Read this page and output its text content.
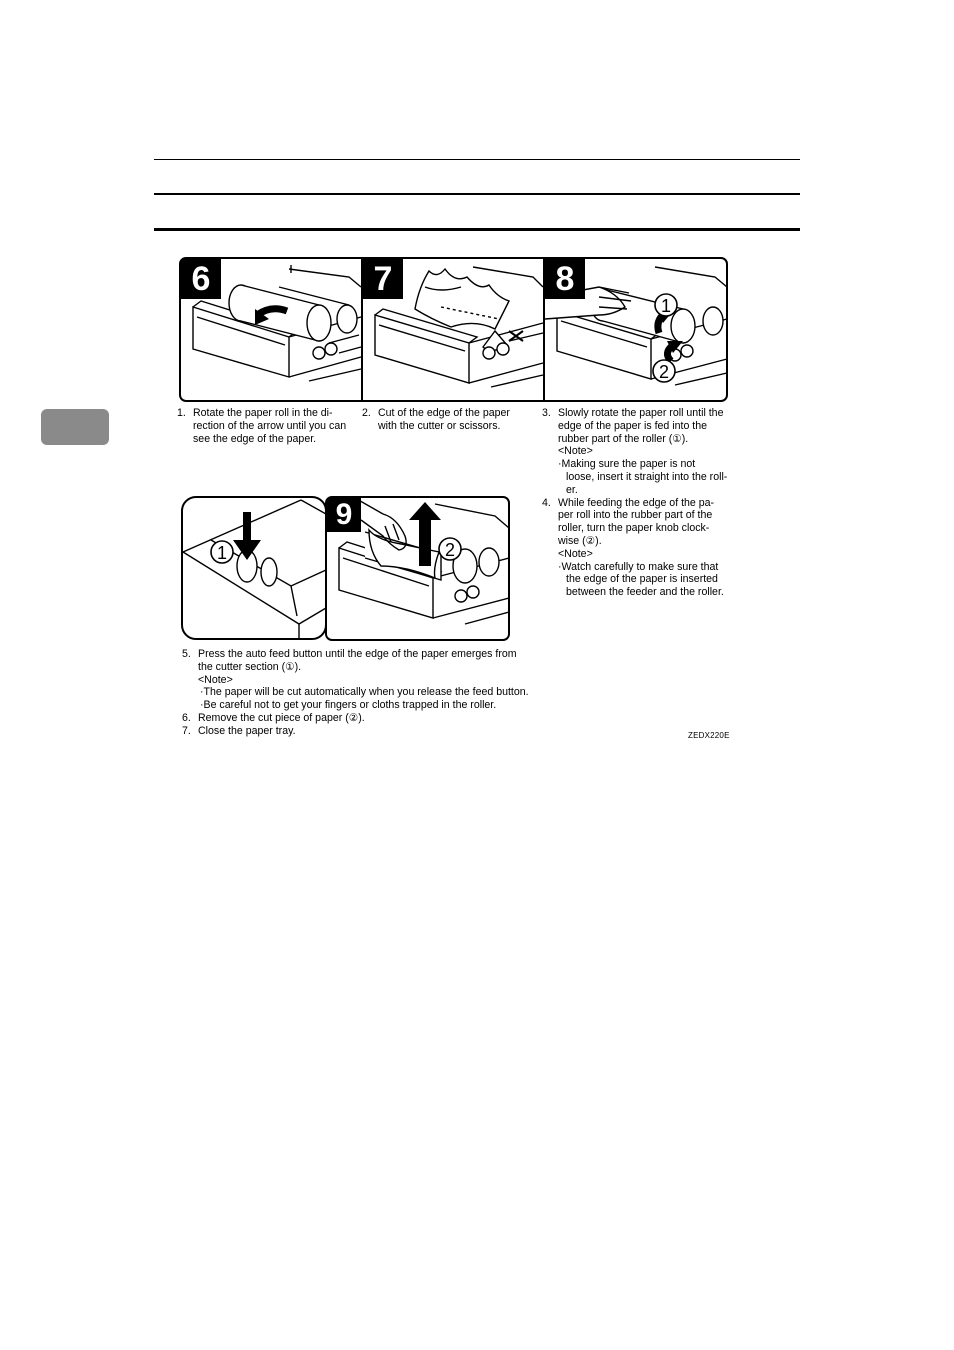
1
2
6	7	8
1. Rotate the paper roll in the di-
rection of the arrow until you can
see the edge of the paper.
2. Cut of the edge of the paper
with the cutter or scissors.
3. Slowly rotate the paper roll until the
edge of the paper is fed into the
rubber part of the roller (①).
<Note>
·Making sure the paper is not
loose, insert it straight into the roll-
er.
4. While feeding the edge of the pa-
per roll into the rubber part of the
roller, turn the paper knob clock-
wise (②).
<Note>
·Watch carefully to make sure that
the edge of the paper is inserted
between the feeder and the roller.
1	2
9
5. Press the auto feed button until the edge of the paper emerges from
the cutter section (①).
<Note>
·The paper will be cut automatically when you release the feed button.
·Be careful not to get your fingers or cloths trapped in the roller.
6. Remove the cut piece of paper (②).
7. Close the paper tray.	ZEDX220E
